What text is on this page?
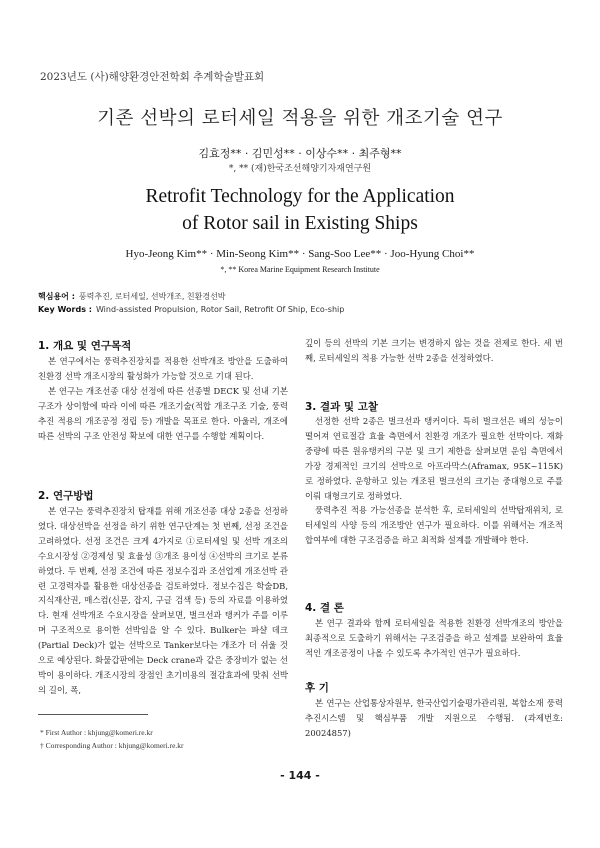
2023년도 (사)해양환경안전학회 추계학술발표회
기존 선박의 로터세일 적용을 위한 개조기술 연구
김효정** · 김민성** · 이상수** · 최주형**
*, ** (재)한국조선해양기자재연구원
Retrofit Technology for the Application
of Rotor sail in Existing Ships
Hyo-Jeong Kim** · Min-Seong Kim** · Sang-Soo Lee** · Joo-Hyung Choi**
*, ** Korea Marine Equipment Research Institute
핵심용어 : 풍력추진, 로터세일, 선박개조, 친환경선박
Key Words : Wind-assisted Propulsion, Rotor Sail, Retrofit Of Ship, Eco-ship
1. 개요 및 연구목적

본 연구에서는 풍력추진장치를 적용한 선박개조 방안을 도출하여 친환경 선박 개조시장의 활성화가 가능할 것으로 기대 된다.

본 연구는 개조선종 대상 선정에 따른 선종별 DECK 및 선내 기본 구조가 상이함에 따라 이에 따른 개조기술(적합 개조구조 기술, 풍력추진 적용의 개조공정 정립 등) 개발을 목표로 한다. 아울러, 개조에 따른 선박의 구조 안전성 확보에 대한 연구를 수행할 계획이다.

2. 연구방법

본 연구는 풍력추진장치 탑재를 위해 개조선종 대상 2종을 선정하였다. 대상선박을 선정을 하기 위한 연구단계는 첫 번째, 선정 조건을 고려하였다. 선정 조건은 크게 4가지로 ①로터세일 및 선박 개조의 수요시장성 ②경제성 및 효율성 ③개조 용이성 ④선박의 크기로 분류하였다. 두 번째, 선정 조건에 따른 정보수집과 조선업계 개조선박 관련 고경력자를 활용한 대상선종을 검토하였다. 정보수집은 학술DB, 지식재산권, 매스컴(신문, 잡지, 구글 검색 등) 등의 자료를 이용하였다. 현재 선박개조 수요시장을 살펴보면, 벌크선과 탱커가 주를 이루며 구조적으로 용이한 선박임을 알 수 있다. Bulker는 파샬 데크(Partial Deck)가 없는 선박으로 Tanker보다는 개조가 더 쉬울 것으로 예상된다. 화물갑판에는 Deck crane과 같은 중장비가 없는 선박이 용이하다. 개조시장의 장점인 초기비용의 절감효과에 맞춰 선박의 길이, 폭,

깊이 등의 선박의 기본 크기는 변경하지 않는 것을 전제로 한다. 세 번째, 로터세일의 적용 가능한 선박 2종을 선정하였다.

3. 결과 및 고찰

선정한 선박 2종은 벌크선과 탱커이다. 특히 벌크선은 배의 성능이 떨어져 연료절감 효율 측면에서 친환경 개조가 필요한 선박이다. 재화중량에 따른 원유탱커의 구분 및 크기 제한을 살펴보면 운임 측면에서 가장 경제적인 크기의 선박으로 아프라막스(Aframax, 95K~115K)로 정하였다. 운항하고 있는 개조된 벌크선의 크기는 중대형으로 주를 이뤄 대형크기로 정하였다.

풍력추진 적용 가능선종을 분석한 후, 로터세일의 선박탑재위치, 로터세일의 사양 등의 개조방안 연구가 필요하다. 이를 위해서는 개조적합여부에 대한 구조검증을 하고 최적화 설계를 개발해야 한다.

4. 결 론

본 연구 결과와 함께 로터세일을 적용한 친환경 선박개조의 방안을 최종적으로 도출하기 위해서는 구조검증을 하고 설계를 보완하여 효율적인 개조공정이 나올 수 있도록 추가적인 연구가 필요하다.

후 기

본 연구는 산업통상자원부, 한국산업기술평가관리원, 복합소재 풍력추진시스템 및 핵심부품 개발 지원으로 수행됨. (과제번호: 20024857)

* First Author : khjung@komeri.re.kr
† Corresponding Author : khjung@komeri.re.kr
- 144 -
